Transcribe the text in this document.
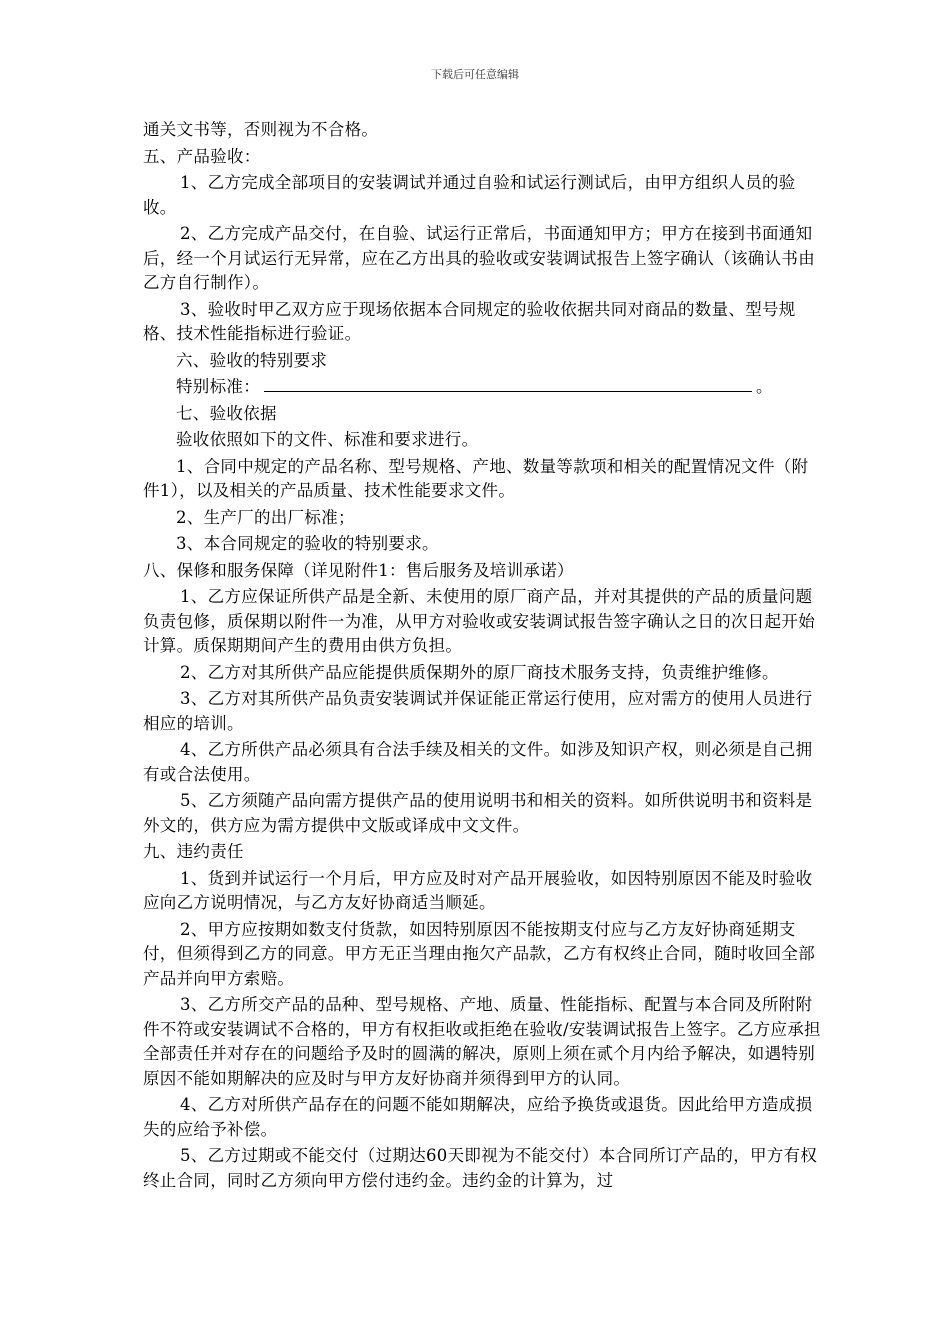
下载后可任意编辑

通关文书等，否则视为不合格。

五、产品验收：

1、乙方完成全部项目的安装调试并通过自验和试运行测试后，由甲方组织人员的验收。

2、乙方完成产品交付，在自验、试运行正常后，书面通知甲方；甲方在接到书面通知后，经一个月试运行无异常，应在乙方出具的验收或安装调试报告上签字确认（该确认书由乙方自行制作）。

3、验收时甲乙双方应于现场依据本合同规定的验收依据共同对商品的数量、型号规格、技术性能指标进行验证。

六、验收的特别要求

特别标准：	。

七、验收依据

验收依照如下的文件、标准和要求进行。

1、合同中规定的产品名称、型号规格、产地、数量等款项和相关的配置情况文件（附件1），以及相关的产品质量、技术性能要求文件。

2、生产厂的出厂标准；

3、本合同规定的验收的特别要求。

八、保修和服务保障（详见附件1：售后服务及培训承诺）

1、乙方应保证所供产品是全新、未使用的原厂商产品，并对其提供的产品的质量问题负责包修，质保期以附件一为准，从甲方对验收或安装调试报告签字确认之日的次日起开始计算。质保期期间产生的费用由供方负担。

2、乙方对其所供产品应能提供质保期外的原厂商技术服务支持，负责维护维修。

3、乙方对其所供产品负责安装调试并保证能正常运行使用，应对需方的使用人员进行相应的培训。

4、乙方所供产品必须具有合法手续及相关的文件。如涉及知识产权，则必须是自己拥有或合法使用。

5、乙方须随产品向需方提供产品的使用说明书和相关的资料。如所供说明书和资料是外文的，供方应为需方提供中文版或译成中文文件。

九、违约责任

1、货到并试运行一个月后，甲方应及时对产品开展验收，如因特别原因不能及时验收应向乙方说明情况，与乙方友好协商适当顺延。

2、甲方应按期如数支付货款，如因特别原因不能按期支付应与乙方友好协商延期支付，但须得到乙方的同意。甲方无正当理由拖欠产品款，乙方有权终止合同，随时收回全部产品并向甲方索赔。

3、乙方所交产品的品种、型号规格、产地、质量、性能指标、配置与本合同及所附附件不符或安装调试不合格的，甲方有权拒收或拒绝在验收/安装调试报告上签字。乙方应承担全部责任并对存在的问题给予及时的圆满的解决，原则上须在贰个月内给予解决，如遇特别原因不能如期解决的应及时与甲方友好协商并须得到甲方的认同。

4、乙方对所供产品存在的问题不能如期解决，应给予换货或退货。因此给甲方造成损失的应给予补偿。

5、乙方过期或不能交付（过期达60天即视为不能交付）本合同所订产品的，甲方有权终止合同，同时乙方须向甲方偿付违约金。违约金的计算为，过
